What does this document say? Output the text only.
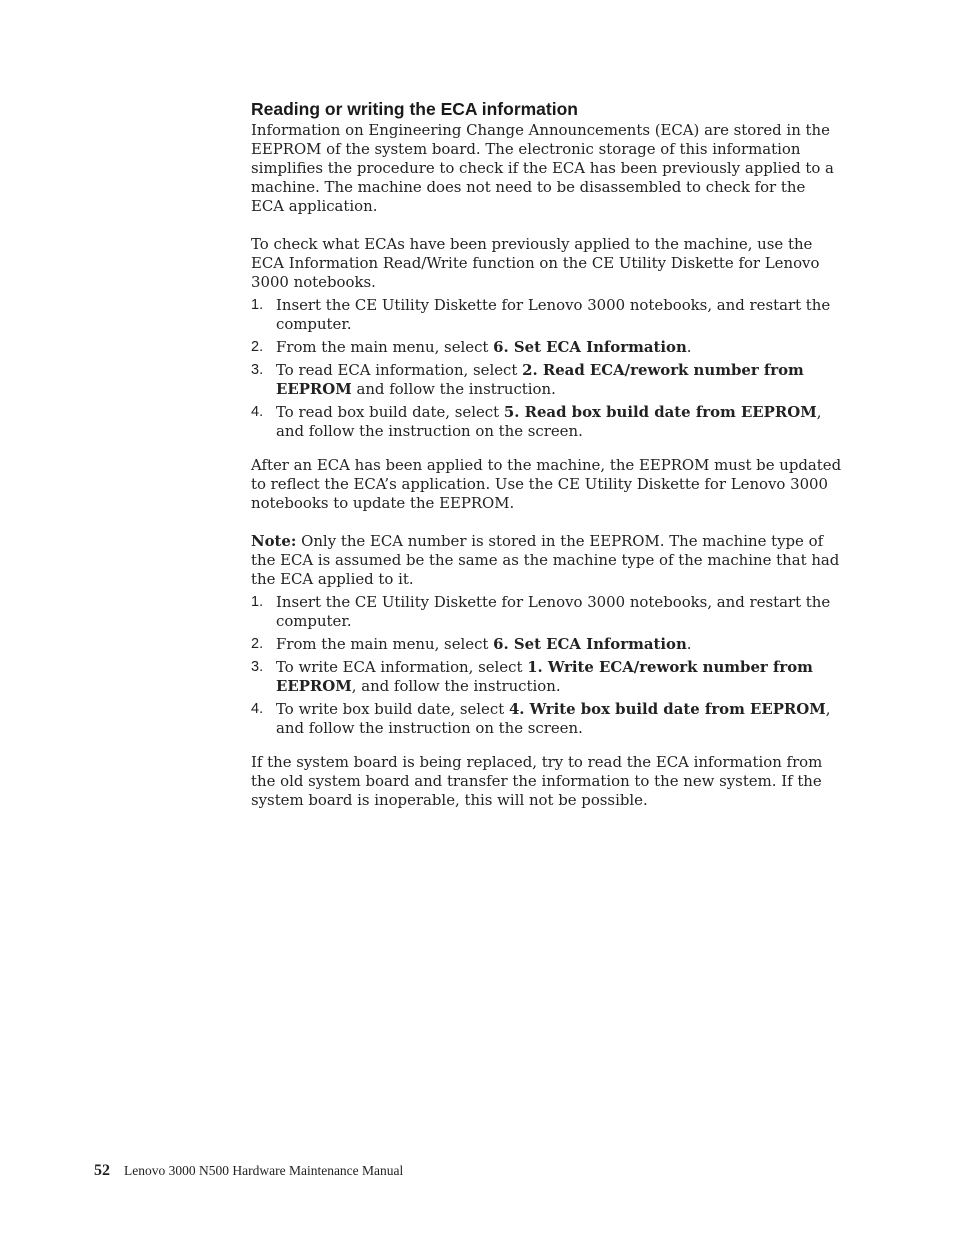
Reading or writing the ECA information

Information on Engineering Change Announcements (ECA) are stored in the EEPROM of the system board. The electronic storage of this information simplifies the procedure to check if the ECA has been previously applied to a machine. The machine does not need to be disassembled to check for the ECA application.

To check what ECAs have been previously applied to the machine, use the ECA Information Read/Write function on the CE Utility Diskette for Lenovo 3000 notebooks.

1. Insert the CE Utility Diskette for Lenovo 3000 notebooks, and restart the computer.
2. From the main menu, select 6. Set ECA Information.
3. To read ECA information, select 2. Read ECA/rework number from EEPROM and follow the instruction.
4. To read box build date, select 5. Read box build date from EEPROM, and follow the instruction on the screen.

After an ECA has been applied to the machine, the EEPROM must be updated to reflect the ECA’s application. Use the CE Utility Diskette for Lenovo 3000 notebooks to update the EEPROM.

Note: Only the ECA number is stored in the EEPROM. The machine type of the ECA is assumed be the same as the machine type of the machine that had the ECA applied to it.

1. Insert the CE Utility Diskette for Lenovo 3000 notebooks, and restart the computer.
2. From the main menu, select 6. Set ECA Information.
3. To write ECA information, select 1. Write ECA/rework number from EEPROM, and follow the instruction.
4. To write box build date, select 4. Write box build date from EEPROM, and follow the instruction on the screen.

If the system board is being replaced, try to read the ECA information from the old system board and transfer the information to the new system. If the system board is inoperable, this will not be possible.

52 Lenovo 3000 N500 Hardware Maintenance Manual
